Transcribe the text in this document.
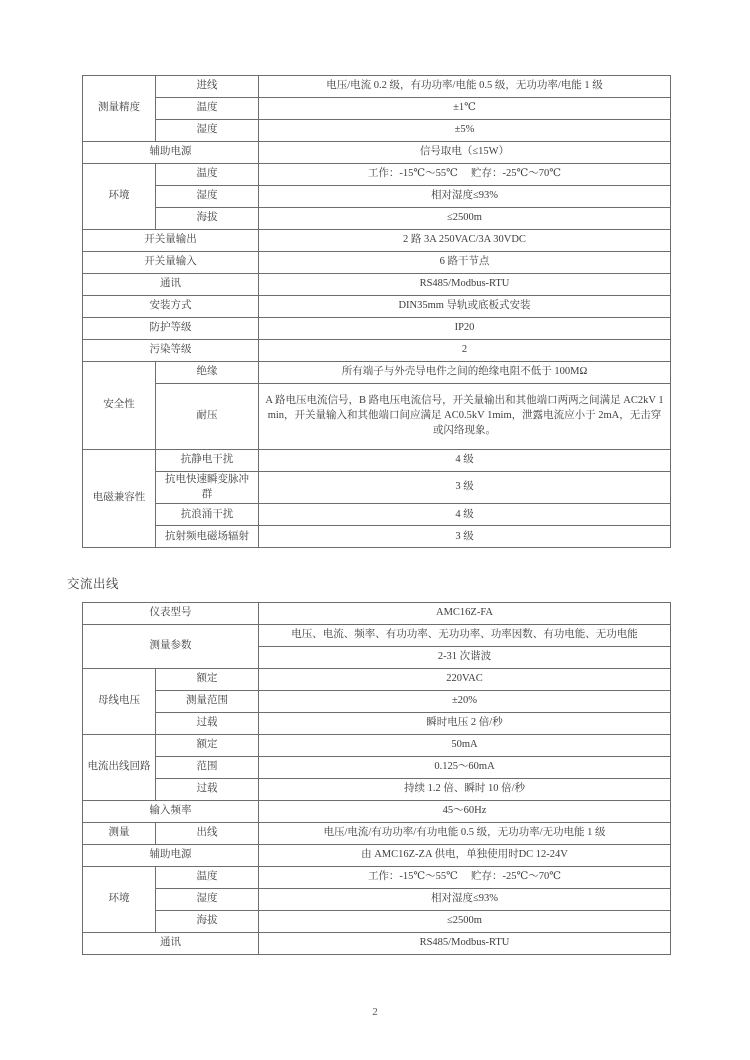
测量精度	进线	电压/电流 0.2 级，有功功率/电能 0.5 级，无功功率/电能 1 级
	温度	±1℃
	湿度	±5%
辅助电源		信号取电（≤15W）
环境	温度	工作：-15℃～55℃　 贮存：-25℃～70℃
	湿度	相对湿度≤93%
	海拔	≤2500m
开关量输出		2 路 3A 250VAC/3A 30VDC
开关量输入		6 路干节点
通讯		RS485/Modbus-RTU
安装方式		DIN35mm 导轨或底板式安装
防护等级		IP20
污染等级		2
安全性	绝缘	所有端子与外壳导电件之间的绝缘电阻不低于 100MΩ
	耐压	A 路电压电流信号，B 路电压电流信号，开关量输出和其他端口两两之间满足 AC2kV 1min，开关量输入和其他端口间应满足 AC0.5kV 1mim，泄露电流应小于 2mA，无击穿或闪络现象。
电磁兼容性	抗静电干扰	4 级
	抗电快速瞬变脉冲群	3 级
	抗浪涌干扰	4 级
	抗射频电磁场辐射	3 级
交流出线
仪表型号		AMC16Z-FA
测量参数		电压、电流、频率、有功功率、无功功率、功率因数、有功电能、无功电能
		2-31 次谐波
母线电压	额定	220VAC
	测量范围	±20%
	过载	瞬时电压 2 倍/秒
电流出线回路	额定	50mA
	范围	0.125～60mA
	过载	持续 1.2 倍、瞬时 10 倍/秒
输入频率		45～60Hz
测量	出线	电压/电流/有功功率/有功电能 0.5 级，无功功率/无功电能 1 级
辅助电源		由 AMC16Z-ZA 供电，单独使用时DC 12-24V
环境	温度	工作：-15℃～55℃　 贮存：-25℃～70℃
	湿度	相对湿度≤93%
	海拔	≤2500m
通讯		RS485/Modbus-RTU
2
